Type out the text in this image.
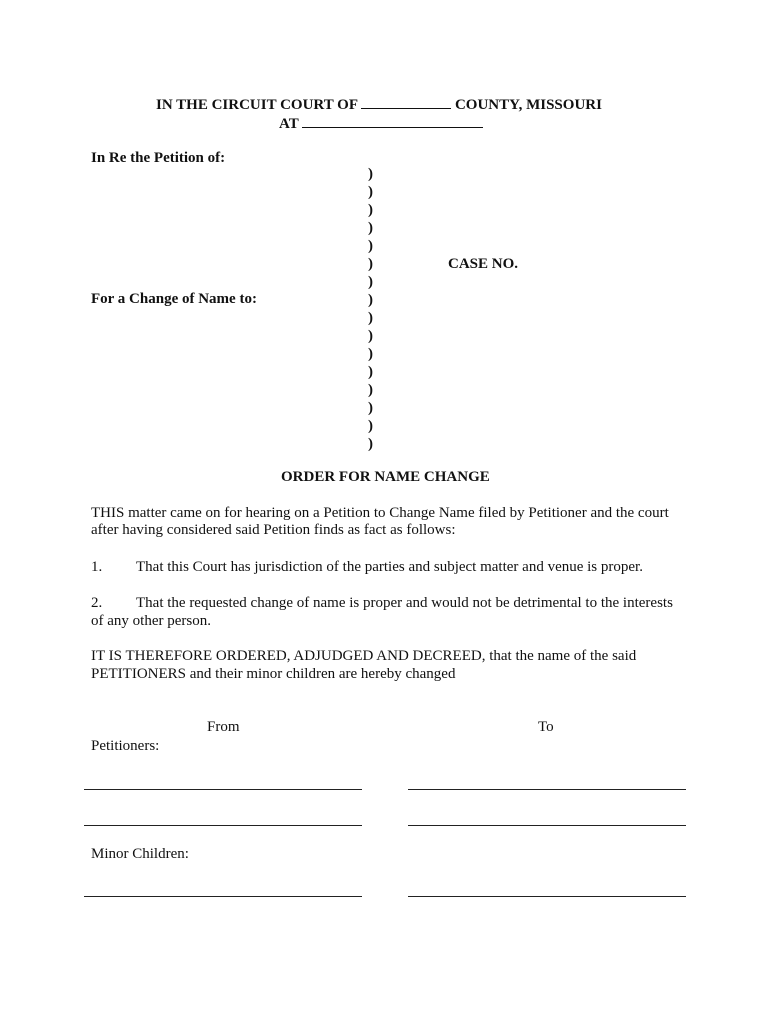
IN THE CIRCUIT COURT OF	COUNTY, MISSOURI
AT
In Re the Petition of:
For a Change of Name to:
CASE NO.
)
)
)
)
)
)
)
)
)
)
)
)
)
)
)
)
ORDER FOR NAME CHANGE
THIS matter came on for hearing on a Petition to Change Name filed by Petitioner and the court
after having considered said Petition finds as fact as follows:
1. That this Court has jurisdiction of the parties and subject matter and venue is proper.
2. That the requested change of name is proper and would not be detrimental to the interests
of any other person.
IT IS THEREFORE ORDERED, ADJUDGED AND DECREED, that the name of the said
PETITIONERS and their minor children are hereby changed
From	To
Petitioners:
Minor Children:
